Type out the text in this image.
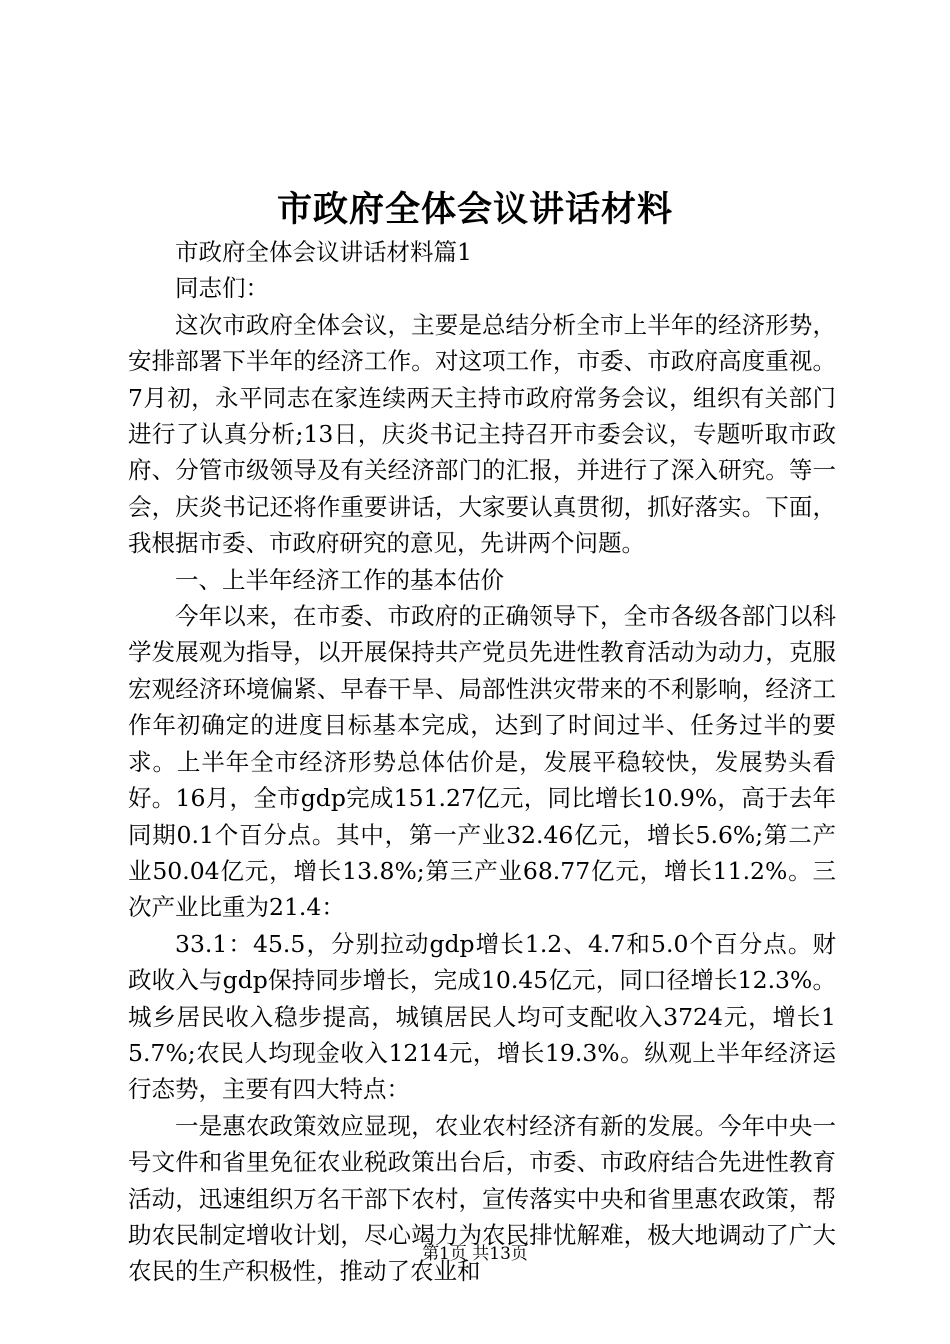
市政府全体会议讲话材料

市政府全体会议讲话材料篇1

同志们：

这次市政府全体会议，主要是总结分析全市上半年的经济形势，安排部署下半年的经济工作。对这项工作，市委、市政府高度重视。7月初，永平同志在家连续两天主持市政府常务会议，组织有关部门进行了认真分析;13日，庆炎书记主持召开市委会议，专题听取市政府、分管市级领导及有关经济部门的汇报，并进行了深入研究。等一会，庆炎书记还将作重要讲话，大家要认真贯彻，抓好落实。下面，我根据市委、市政府研究的意见，先讲两个问题。

一、上半年经济工作的基本估价

今年以来，在市委、市政府的正确领导下，全市各级各部门以科学发展观为指导，以开展保持共产党员先进性教育活动为动力，克服宏观经济环境偏紧、早春干旱、局部性洪灾带来的不利影响，经济工作年初确定的进度目标基本完成，达到了时间过半、任务过半的要求。上半年全市经济形势总体估价是，发展平稳较快，发展势头看好。16月，全市gdp完成151.27亿元，同比增长10.9%，高于去年同期0.1个百分点。其中，第一产业32.46亿元，增长5.6%;第二产业50.04亿元，增长13.8%;第三产业68.77亿元，增长11.2%。三次产业比重为21.4：

33.1：45.5，分别拉动gdp增长1.2、4.7和5.0个百分点。财政收入与gdp保持同步增长，完成10.45亿元，同口径增长12.3%。城乡居民收入稳步提高，城镇居民人均可支配收入3724元，增长15.7%;农民人均现金收入1214元，增长19.3%。纵观上半年经济运行态势，主要有四大特点：

一是惠农政策效应显现，农业农村经济有新的发展。今年中央一号文件和省里免征农业税政策出台后，市委、市政府结合先进性教育活动，迅速组织万名干部下农村，宣传落实中央和省里惠农政策，帮助农民制定增收计划，尽心竭力为农民排忧解难，极大地调动了广大农民的生产积极性，推动了农业和

第1页 共13页
